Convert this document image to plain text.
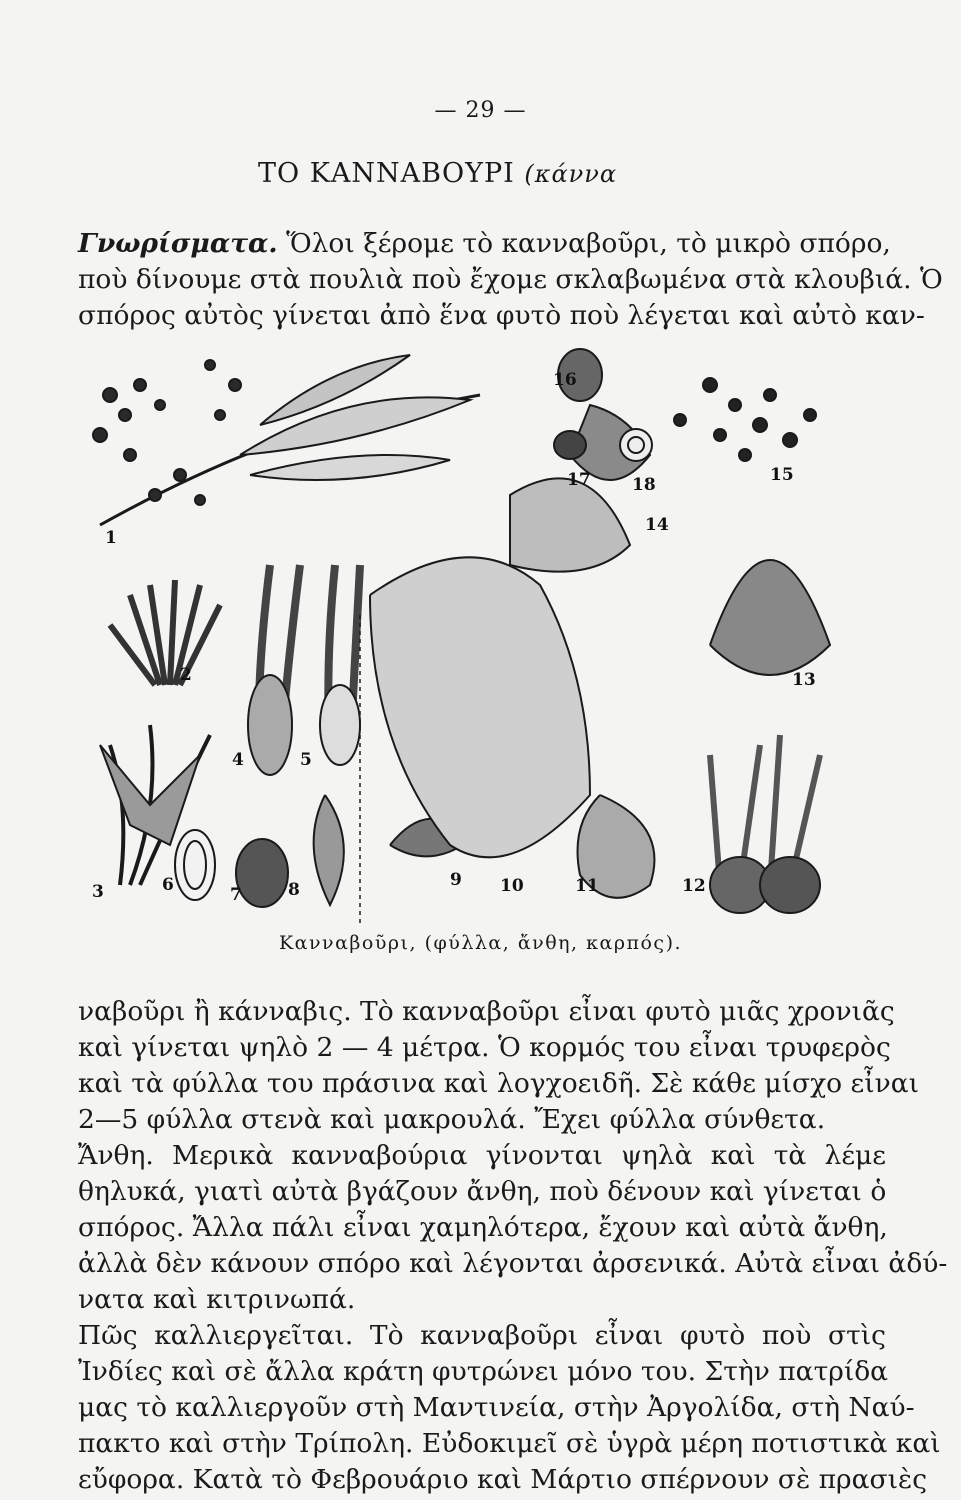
— 29 —
ΤΟ ΚΑΝΝΑΒΟΥΡΙ (κάννα
Γνωρίσματα. Ὅλοι ξέρομε τὸ κανναβοῦρι, τὸ μικρὸ σπόρο,
ποὺ δίνουμε στὰ πουλιὰ ποὺ ἔχομε σκλαβωμένα στὰ κλουβιά. Ὁ
σπόρος αὐτὸς γίνεται ἀπὸ ἕνα φυτὸ ποὺ λέγεται καὶ αὐτὸ καν-
1
2
3
4	5
6	7	8	9 10	11	12
13
14
15
16
17 18
Κανναβοῦρι, (φύλλα, ἄνθη, καρπός).
ναβοῦρι ἢ κάνναβις. Τὸ κανναβοῦρι εἶναι φυτὸ μιᾶς χρονιᾶς
καὶ γίνεται ψηλὸ 2 — 4 μέτρα. Ὁ κορμός του εἶναι τρυφερὸς
καὶ τὰ φύλλα του πράσινα καὶ λογχοειδῆ. Σὲ κάθε μίσχο εἶναι
2—5 φύλλα στενὰ καὶ μακρουλά. Ἔχει φύλλα σύνθετα.
Ἄνθη. Μερικὰ κανναβούρια γίνονται ψηλὰ καὶ τὰ λέμε
θηλυκά, γιατὶ αὐτὰ βγάζουν ἄνθη, ποὺ δένουν καὶ γίνεται ὁ
σπόρος. Ἄλλα πάλι εἶναι χαμηλότερα, ἔχουν καὶ αὐτὰ ἄνθη,
ἀλλὰ δὲν κάνουν σπόρο καὶ λέγονται ἀρσενικά. Αὐτὰ εἶναι ἀδύ-
νατα καὶ κιτρινωπά.
Πῶς καλλιεργεῖται. Τὸ κανναβοῦρι εἶναι φυτὸ ποὺ στὶς
Ἰνδίες καὶ σὲ ἄλλα κράτη φυτρώνει μόνο του. Στὴν πατρίδα
μας τὸ καλλιεργοῦν στὴ Μαντινεία, στὴν Ἀργολίδα, στὴ Ναύ-
πακτο καὶ στὴν Τρίπολη. Εὐδοκιμεῖ σὲ ὑγρὰ μέρη ποτιστικὰ καὶ
εὔφορα. Κατὰ τὸ Φεβρουάριο καὶ Μάρτιο σπέρνουν σὲ πρασιὲς
